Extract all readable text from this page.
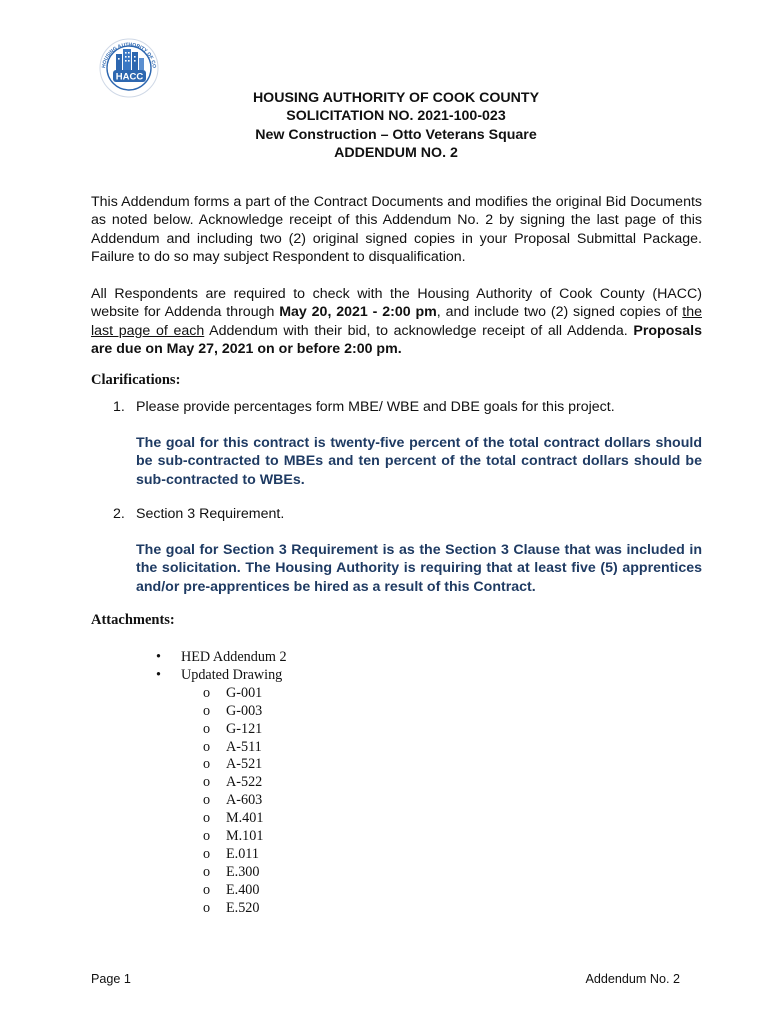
HOUSING AUTHORITY OF CO
HACC
HOUSING AUTHORITY OF COOK COUNTY
SOLICITATION NO. 2021-100-023
New Construction – Otto Veterans Square
ADDENDUM NO. 2
This Addendum forms a part of the Contract Documents and modifies the original Bid Documents as noted below. Acknowledge receipt of this Addendum No. 2 by signing the last page of this Addendum and including two (2) original signed copies in your Proposal Submittal Package. Failure to do so may subject Respondent to disqualification.
All Respondents are required to check with the Housing Authority of Cook County (HACC) website for Addenda through May 20, 2021 - 2:00 pm, and include two (2) signed copies of the last page of each Addendum with their bid, to acknowledge receipt of all Addenda. Proposals are due on May 27, 2021 on or before 2:00 pm.
Clarifications:
1. Please provide percentages form MBE/ WBE and DBE goals for this project.
The goal for this contract is twenty-five percent of the total contract dollars should be sub-contracted to MBEs and ten percent of the total contract dollars should be sub-contracted to WBEs.
2. Section 3 Requirement.
The goal for Section 3 Requirement is as the Section 3 Clause that was included in the solicitation. The Housing Authority is requiring that at least five (5) apprentices and/or pre-apprentices be hired as a result of this Contract.
Attachments:
• HED Addendum 2
• Updated Drawing
o G-001
o G-003
o G-121
o A-511
o A-521
o A-522
o A-603
o M.401
o M.101
o E.011
o E.300
o E.400
o E.520
Page 1	Addendum No. 2
